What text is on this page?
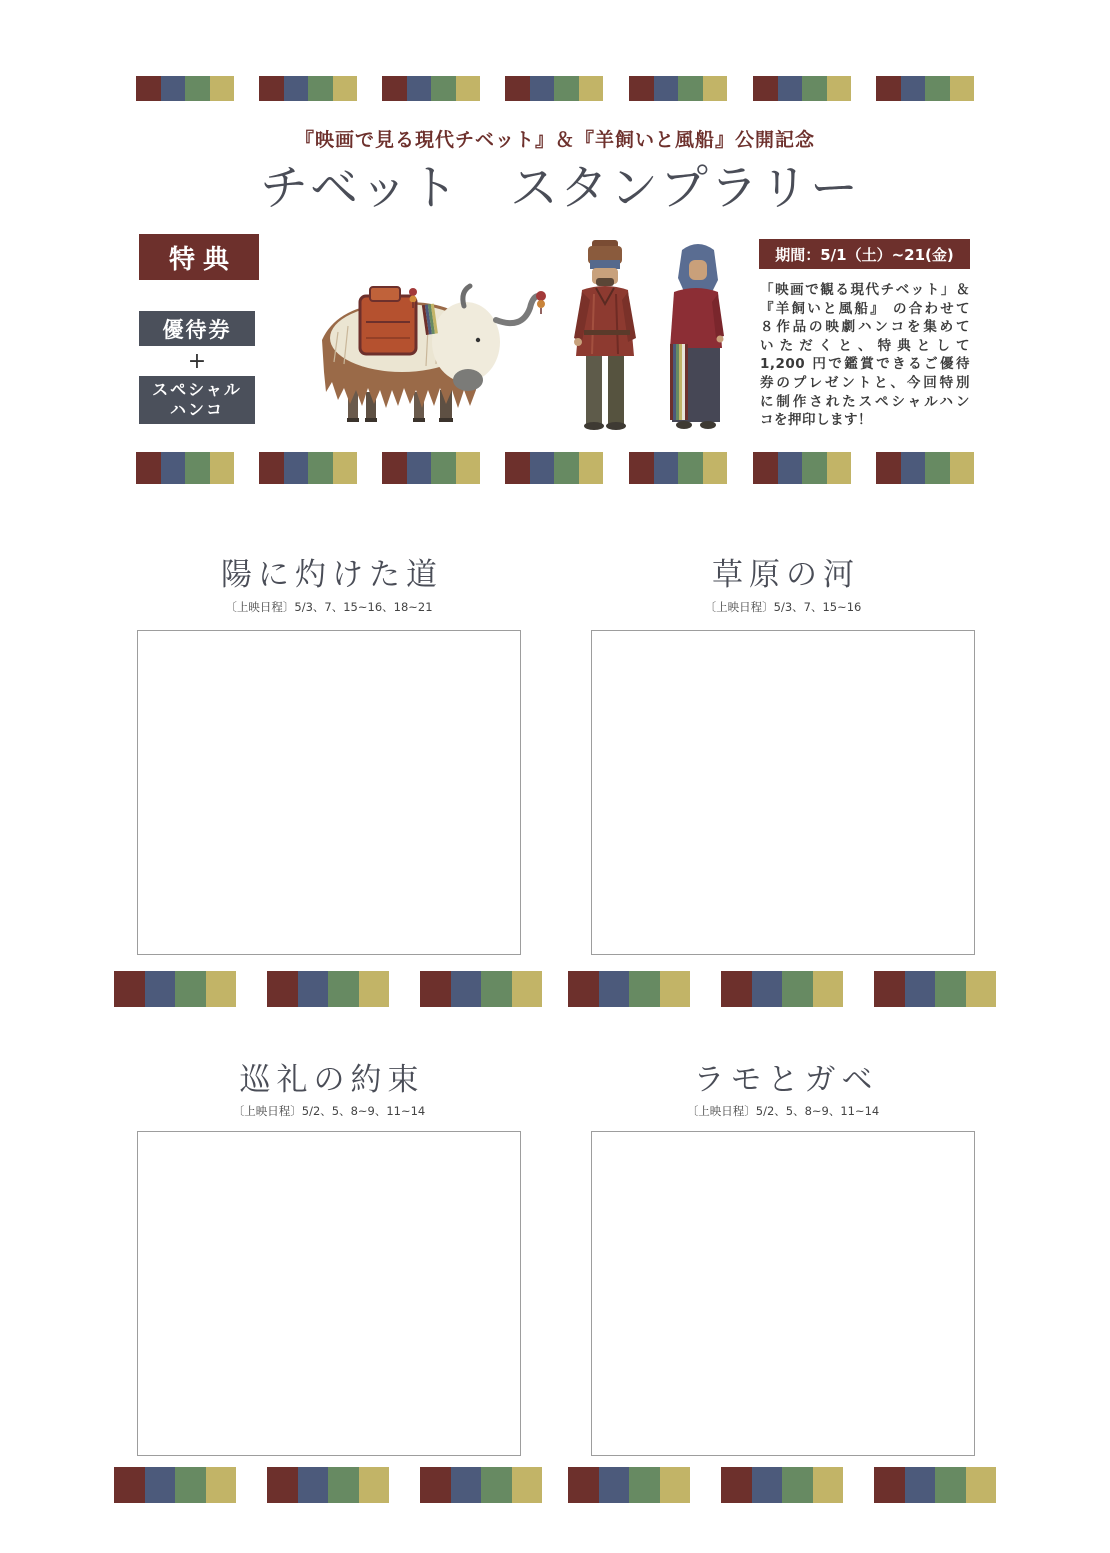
『映画で見る現代チベット』＆『羊飼いと風船』公開記念
チベット　スタンプラリー
特典
優待券
+
スペシャル
ハンコ
期間：5/1（土）~21(金)
「映画で観る現代チベット」＆
『羊飼いと風船』 の合わせて
８作品の映劇ハンコを集めて
いただくと、特典として
1,200 円で鑑賞できるご優待
券のプレゼントと、今回特別
に制作されたスペシャルハン
コを押印します！
陽に灼けた道
〔上映日程〕5/3、7、15~16、18~21
草原の河
〔上映日程〕5/3、7、15~16
巡礼の約束
〔上映日程〕5/2、5、8~9、11~14
ラモとガベ
〔上映日程〕5/2、5、8~9、11~14
